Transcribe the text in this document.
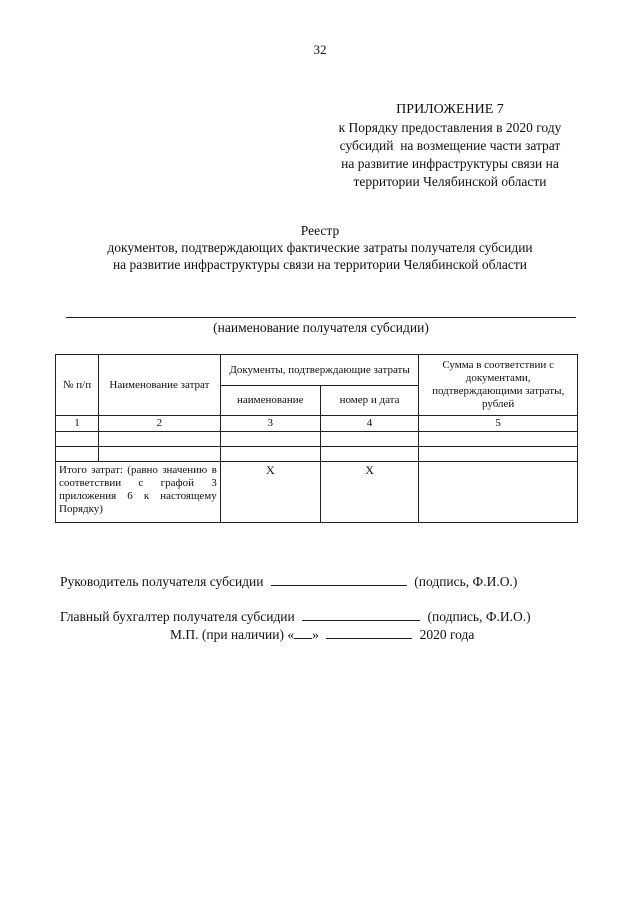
32
ПРИЛОЖЕНИЕ 7
к Порядку предоставления в 2020 году
субсидий  на возмещение части затрат
на развитие инфраструктуры связи на
территории Челябинской области
Реестр
документов, подтверждающих фактические затраты получателя субсидии
на развитие инфраструктуры связи на территории Челябинской области
(наименование получателя субсидии)
№ п/п	Наименование затрат	Документы, подтверждающие затраты		Сумма в соответствии с документами, подтверждающими затраты, рублей
		наименование	номер и дата	
1	2	3	4	5

Итого затрат: (равно значению в соответствии с графой 3 приложения 6 к настоящему Порядку)		X	X	
Руководитель получателя субсидии	(подпись, Ф.И.О.)
Главный бухгалтер получателя субсидии	(подпись, Ф.И.О.)
М.П. (при наличии) « »	2020 года
